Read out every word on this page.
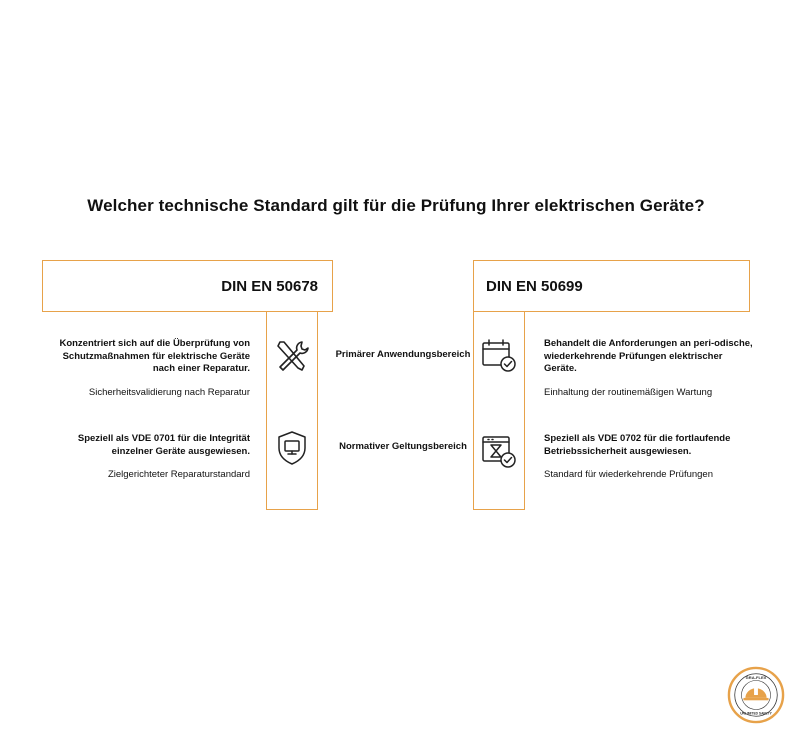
Welcher technische Standard gilt für die Prüfung Ihrer elektrischen Geräte?
DIN EN 50678	DIN EN 50699
Konzentriert sich auf die Überprüfung von Schutzmaßnahmen für elektrische Geräte nach einer Reparatur.
Sicherheitsvalidierung nach Reparatur
Primärer Anwendungsbereich
Behandelt die Anforderungen an peri-odische, wiederkehrende Prüfungen elektrischer Geräte.
Einhaltung der routinemäßigen Wartung
Speziell als VDE 0701 für die Integrität einzelner Geräte ausgewiesen.
Zielgerichteter Reparaturstandard
Normativer Geltungsbereich
Speziell als VDE 0702 für die fortlaufende Betriebssicherheit ausgewiesen.
Standard für wiederkehrende Prüfungen
GRA-FLEX
UNLIMITED SAFETY
